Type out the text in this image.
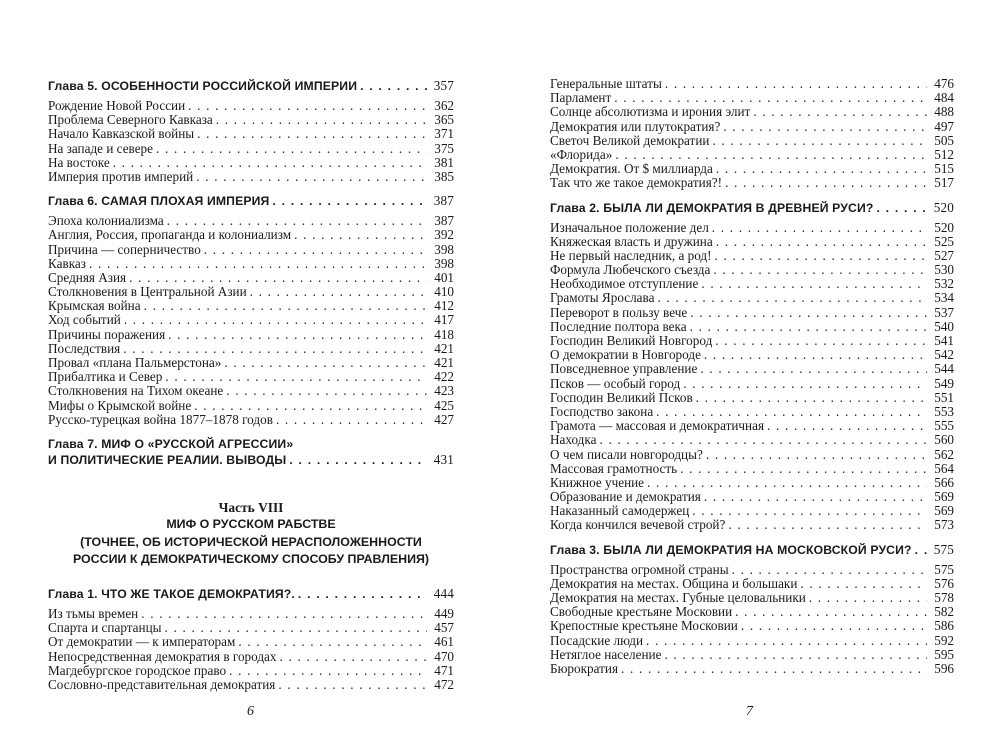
Глава 5. ОСОБЕННОСТИ РОССИЙСКОЙ ИМПЕРИИ . . .	357
Рождение Новой России . . .	362
Проблема Северного Кавказа . . .	365
Начало Кавказской войны . . .	371
На западе и севере . . .	375
На востоке . . .	381
Империя против империй . . .	385
Глава 6. САМАЯ ПЛОХАЯ ИМПЕРИЯ . . .	387
Эпоха колониализма . . .	387
Англия, Россия, пропаганда и колониализм . . .	392
Причина — соперничество . . .	398
Кавказ . . .	398
Средняя Азия . . .	401
Столкновения в Центральной Азии . . .	410
Крымская война . . .	412
Ход событий . . .	417
Причины поражения . . .	418
Последствия . . .	421
Провал «плана Пальмерстона» . . .	421
Прибалтика и Север . . .	422
Столкновения на Тихом океане . . .	423
Мифы о Крымской войне . . .	425
Русско-турецкая война 1877–1878 годов . . .	427
Глава 7. МИФ О «РУССКОЙ АГРЕССИИ»
И ПОЛИТИЧЕСКИЕ РЕАЛИИ. ВЫВОДЫ . . .	431
Часть VIII
МИФ О РУССКОМ РАБСТВЕ
(ТОЧНЕЕ, ОБ ИСТОРИЧЕСКОЙ НЕРАСПОЛОЖЕННОСТИ
РОССИИ К ДЕМОКРАТИЧЕСКОМУ СПОСОБУ ПРАВЛЕНИЯ)
Глава 1. ЧТО ЖЕ ТАКОЕ ДЕМОКРАТИЯ?. . . .	444
Из тьмы времен . . .	449
Спарта и спартанцы . . .	457
От демократии — к императорам . . .	461
Непосредственная демократия в городах . . .	470
Магдебургское городское право . . .	471
Сословно-представительная демократия . . .	472
6
Генеральные штаты . . .	476
Парламент . . .	484
Солнце абсолютизма и ирония элит . . .	488
Демократия или плутократия? . . .	497
Светоч Великой демократии . . .	505
«Флорида» . . .	512
Демократия. От $ миллиарда . . .	515
Так что же такое демократия?! . . .	517
Глава 2. БЫЛА ЛИ ДЕМОКРАТИЯ В ДРЕВНЕЙ РУСИ? . . .	520
Изначальное положение дел . . .	520
Княжеская власть и дружина . . .	525
Не первый наследник, а род! . . .	527
Формула Любечского съезда . . .	530
Необходимое отступление . . .	532
Грамоты Ярослава . . .	534
Переворот в пользу вече . . .	537
Последние полтора века . . .	540
Господин Великий Новгород . . .	541
О демократии в Новгороде . . .	542
Повседневное управление . . .	544
Псков — особый город . . .	549
Господин Великий Псков . . .	551
Господство закона . . .	553
Грамота — массовая и демократичная . . .	555
Находка . . .	560
О чем писали новгородцы? . . .	562
Массовая грамотность . . .	564
Книжное учение . . .	566
Образование и демократия . . .	569
Наказанный самодержец . . .	569
Когда кончился вечевой строй? . . .	573
Глава 3. БЫЛА ЛИ ДЕМОКРАТИЯ НА МОСКОВСКОЙ РУСИ? . . . 575
Пространства огромной страны . . .	575
Демократия на местах. Община и большаки . . .	576
Демократия на местах. Губные целовальники . . .	578
Свободные крестьяне Московии . . .	582
Крепостные крестьяне Московии . . .	586
Посадские люди . . .	592
Нетяглое население . . .	595
Бюрократия . . .	596
7
